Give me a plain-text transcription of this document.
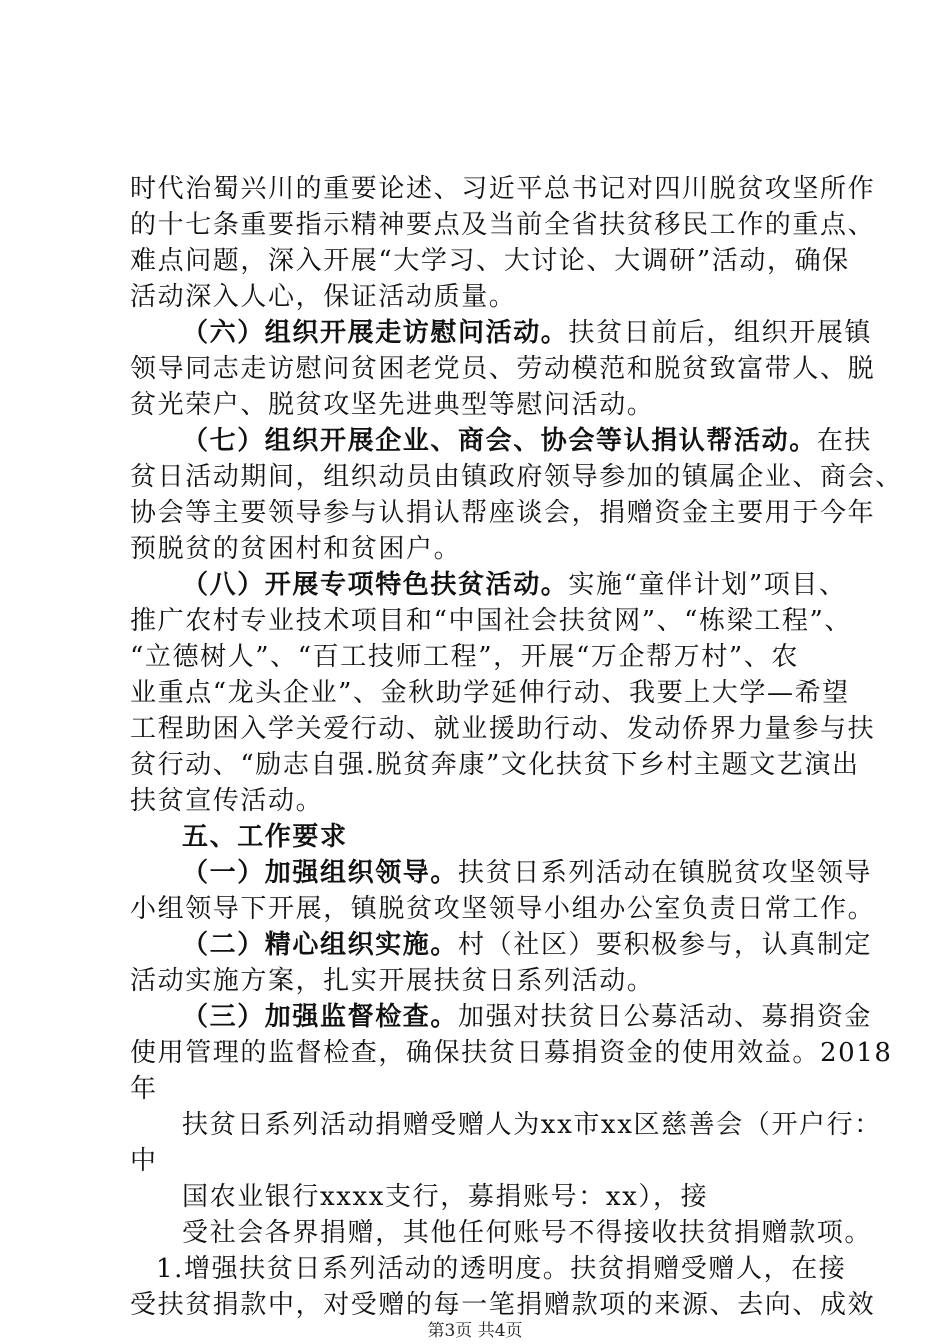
时代治蜀兴川的重要论述、习近平总书记对四川脱贫攻坚所作
的十七条重要指示精神要点及当前全省扶贫移民工作的重点、
难点问题，深入开展“大学习、大讨论、大调研”活动，确保
活动深入人心，保证活动质量。
（六）组织开展走访慰问活动。扶贫日前后，组织开展镇
领导同志走访慰问贫困老党员、劳动模范和脱贫致富带人、脱
贫光荣户、脱贫攻坚先进典型等慰问活动。
（七）组织开展企业、商会、协会等认捐认帮活动。在扶
贫日活动期间，组织动员由镇政府领导参加的镇属企业、商会、
协会等主要领导参与认捐认帮座谈会，捐赠资金主要用于今年
预脱贫的贫困村和贫困户。
（八）开展专项特色扶贫活动。实施“童伴计划”项目、
推广农村专业技术项目和“中国社会扶贫网”、“栋梁工程”、
“立德树人”、“百工技师工程”，开展“万企帮万村”、农
业重点“龙头企业”、金秋助学延伸行动、我要上大学—希望
工程助困入学关爱行动、就业援助行动、发动侨界力量参与扶
贫行动、“励志自强.脱贫奔康”文化扶贫下乡村主题文艺演出
扶贫宣传活动。
五、工作要求
（一）加强组织领导。扶贫日系列活动在镇脱贫攻坚领导
小组领导下开展，镇脱贫攻坚领导小组办公室负责日常工作。
（二）精心组织实施。村（社区）要积极参与，认真制定
活动实施方案，扎实开展扶贫日系列活动。
（三）加强监督检查。加强对扶贫日公募活动、募捐资金
使用管理的监督检查，确保扶贫日募捐资金的使用效益。2018
年
扶贫日系列活动捐赠受赠人为xx市xx区慈善会（开户行：
中
国农业银行xxxx支行，募捐账号：xx），接
第3页 共4页
受社会各界捐赠，其他任何账号不得接收扶贫捐赠款项。
1.增强扶贫日系列活动的透明度。扶贫捐赠受赠人，在接
受扶贫捐款中，对受赠的每一笔捐赠款项的来源、去向、成效
